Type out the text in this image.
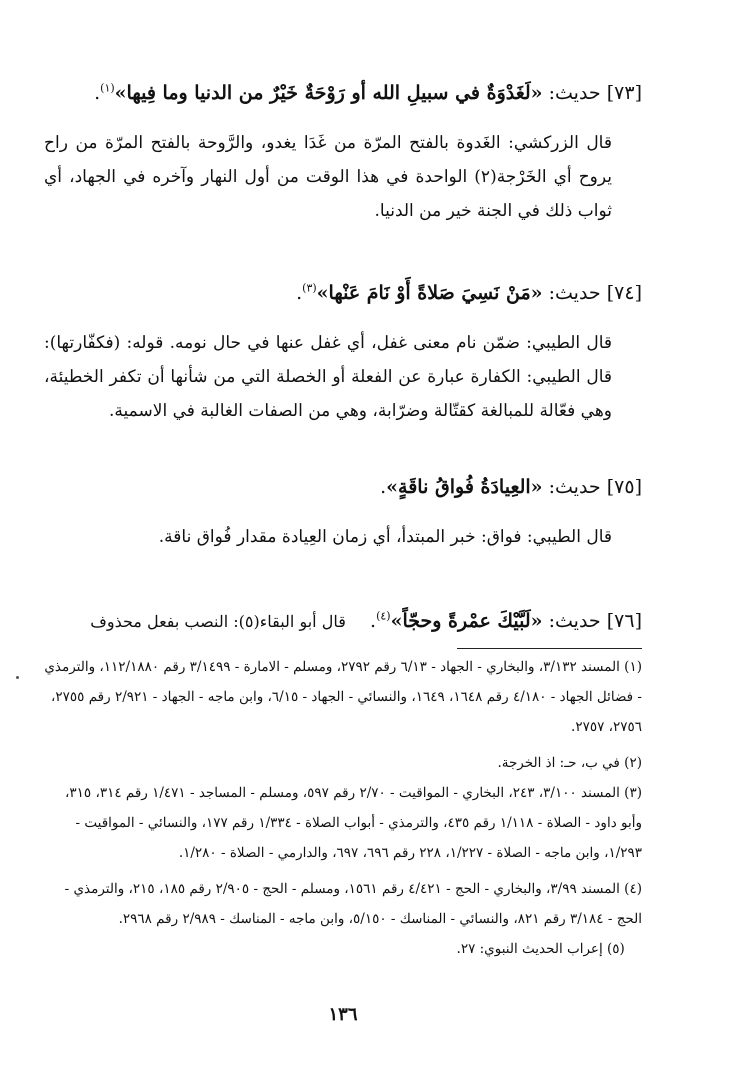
[٧٣] حديث: «لَغَدْوَةٌ في سبيلِ الله أو رَوْحَةٌ خَيْرٌ من الدنيا وما فِيها»$^{(١)}$.
قال الزركشي: الغَدوة بالفتح المرّة من غَدَا يغدو، والرَّوحة بالفتح المرّة من راح يروح أي الخَرْجة(٢) الواحدة في هذا الوقت من أول النهار وآخره في الجهاد، أي ثواب ذلك في الجنة خير من الدنيا.
[٧٤] حديث: «مَنْ نَسِيَ صَلاةً أَوْ نَامَ عَنْها»$^{(٣)}$.
قال الطيبي: ضمّن نام معنى غفل، أي غفل عنها في حال نومه. قوله: (فكفّارتها): قال الطيبي: الكفارة عبارة عن الفعلة أو الخصلة التي من شأنها أن تكفر الخطيئة، وهي فعّالة للمبالغة كقتّالة وضرّابة، وهي من الصفات الغالبة في الاسمية.
[٧٥] حديث: «العِيادَةُ فُواقُ ناقَةٍ».
قال الطيبي: فواق: خبر المبتدأ، أي زمان العِيادة مقدار فُواق ناقة.
[٧٦] حديث: «لَبَّيْكَ عمْرةً وحجّاً»$^{(٤)}$.    قال أبو البقاء(٥): النصب بفعل محذوف

(١) المسند ٣/١٣٢، والبخاري - الجهاد - ٦/١٣ رقم ٢٧٩٢، ومسلم - الامارة - ٣/١٤٩٩ رقم ١١٢/١٨٨٠، والترمذي - فضائل الجهاد - ٤/١٨٠ رقم ١٦٤٨، ١٦٤٩، والنسائي - الجهاد - ٦/١٥، وابن ماجه - الجهاد - ٢/٩٢١ رقم ٢٧٥٥، ٢٧٥٦، ٢٧٥٧.

(٢) في ب، حـ: اذ الخرجة.

(٣) المسند ٣/١٠٠، ٢٤٣، البخاري - المواقيت - ٢/٧٠ رقم ٥٩٧، ومسلم - المساجد - ١/٤٧١ رقم ٣١٤، ٣١٥، وأبو داود - الصلاة - ١/١١٨ رقم ٤٣٥، والترمذي - أبواب الصلاة - ١/٣٣٤ رقم ١٧٧، والنسائي - المواقيت - ١/٢٩٣، وابن ماجه - الصلاة - ١/٢٢٧، ٢٢٨ رقم ٦٩٦، ٦٩٧، والدارمي - الصلاة - ١/٢٨٠.

(٤) المسند ٣/٩٩، والبخاري - الحج - ٤/٤٢١ رقم ١٥٦١، ومسلم - الحج - ٢/٩٠٥ رقم ١٨٥، ٢١٥، والترمذي - الحج - ٣/١٨٤ رقم ٨٢١، والنسائي - المناسك - ٥/١٥٠، وابن ماجه - المناسك - ٢/٩٨٩ رقم ٢٩٦٨.     (٥) إعراب الحديث النبوي: ٢٧.

١٣٦
